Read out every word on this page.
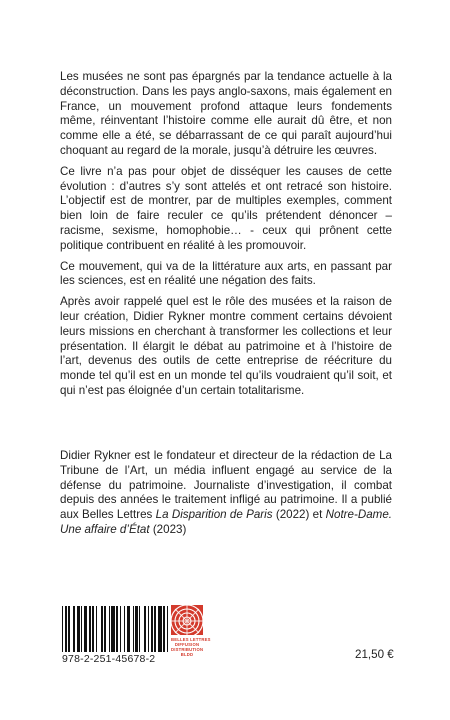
Les musées ne sont pas épargnés par la tendance actuelle à la déconstruction. Dans les pays anglo-saxons, mais également en France, un mouvement profond attaque leurs fondements même, réinventant l’histoire comme elle aurait dû être, et non comme elle a été, se débarrassant de ce qui paraît aujourd’hui choquant au regard de la morale, jusqu’à détruire les œuvres.

Ce livre n’a pas pour objet de disséquer les causes de cette évolution : d’autres s’y sont attelés et ont retracé son histoire. L’objectif est de montrer, par de multiples exemples, comment bien loin de faire reculer ce qu’ils prétendent dénoncer – racisme, sexisme, homophobie… - ceux qui prônent cette politique contribuent en réalité à les promouvoir.

Ce mouvement, qui va de la littérature aux arts, en passant par les sciences, est en réalité une négation des faits.

Après avoir rappelé quel est le rôle des musées et la raison de leur création, Didier Rykner montre comment certains dévoient leurs missions en cherchant à transformer les collections et leur présentation. Il élargit le débat au patrimoine et à l’histoire de l’art, devenus des outils de cette entreprise de réécriture du monde tel qu’il est en un monde tel qu’ils voudraient qu’il soit, et qui n’est pas éloignée d’un certain totalitarisme.

Didier Rykner est le fondateur et directeur de la rédaction de La Tribune de l’Art, un média influent engagé au service de la défense du patrimoine. Journaliste d’investigation, il combat depuis des années le traitement infligé au patrimoine. Il a publié aux Belles Lettres La Disparition de Paris (2022) et Notre-Dame. Une affaire d’État (2023)

978-2-251-45678-2
BELLES LETTRES
DIFFUSION
DISTRIBUTION
BLDD	21,50 €
